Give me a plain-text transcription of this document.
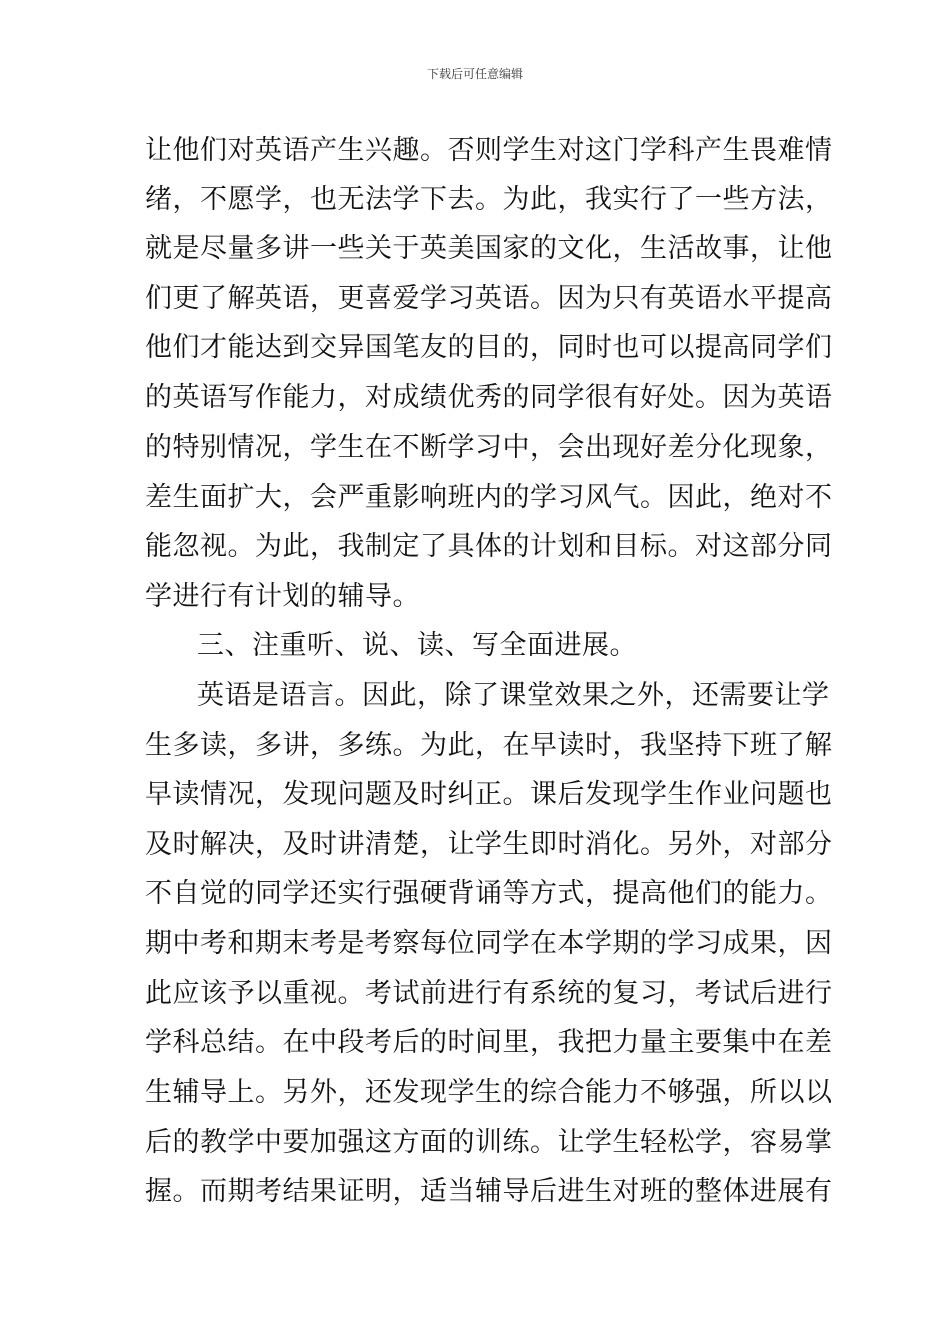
下载后可任意编辑
让他们对英语产生兴趣。否则学生对这门学科产生畏难情
绪，不愿学，也无法学下去。为此，我实行了一些方法，
就是尽量多讲一些关于英美国家的文化，生活故事，让他
们更了解英语，更喜爱学习英语。因为只有英语水平提高
他们才能达到交异国笔友的目的，同时也可以提高同学们
的英语写作能力，对成绩优秀的同学很有好处。因为英语
的特别情况，学生在不断学习中，会出现好差分化现象，
差生面扩大，会严重影响班内的学习风气。因此，绝对不
能忽视。为此，我制定了具体的计划和目标。对这部分同
学进行有计划的辅导。
三、注重听、说、读、写全面进展。
英语是语言。因此，除了课堂效果之外，还需要让学
生多读，多讲，多练。为此，在早读时，我坚持下班了解
早读情况，发现问题及时纠正。课后发现学生作业问题也
及时解决，及时讲清楚，让学生即时消化。另外，对部分
不自觉的同学还实行强硬背诵等方式，提高他们的能力。
期中考和期末考是考察每位同学在本学期的学习成果，因
此应该予以重视。考试前进行有系统的复习，考试后进行
学科总结。在中段考后的时间里，我把力量主要集中在差
生辅导上。另外，还发现学生的综合能力不够强，所以以
后的教学中要加强这方面的训练。让学生轻松学，容易掌
握。而期考结果证明，适当辅导后进生对班的整体进展有
